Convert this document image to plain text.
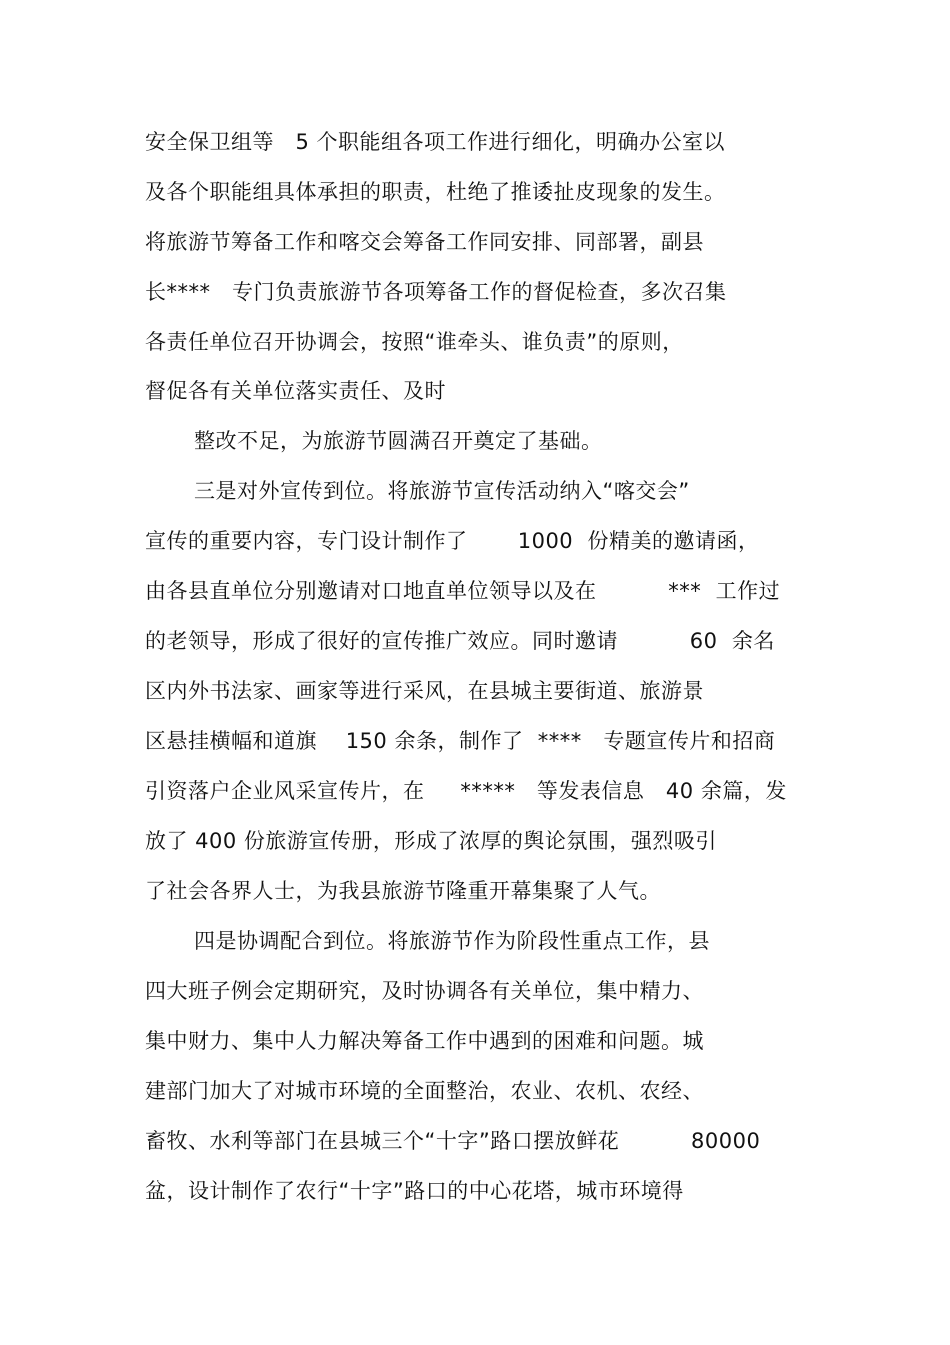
安全保卫组等   5 个职能组各项工作进行细化，明确办公室以
及各个职能组具体承担的职责，杜绝了推诿扯皮现象的发生。
将旅游节筹备工作和喀交会筹备工作同安排、同部署，副县
长****   专门负责旅游节各项筹备工作的督促检查，多次召集
各责任单位召开协调会，按照“谁牵头、谁负责”的原则，
督促各有关单位落实责任、及时
整改不足，为旅游节圆满召开奠定了基础。
三是对外宣传到位。将旅游节宣传活动纳入“喀交会”
宣传的重要内容，专门设计制作了       1000  份精美的邀请函，
由各县直单位分别邀请对口地直单位领导以及在          ***  工作过
的老领导，形成了很好的宣传推广效应。同时邀请          60  余名
区内外书法家、画家等进行采风，在县城主要街道、旅游景
区悬挂横幅和道旗    150 余条，制作了  ****   专题宣传片和招商
引资落户企业风采宣传片，在     *****   等发表信息   40 余篇，发
放了 400 份旅游宣传册，形成了浓厚的舆论氛围，强烈吸引
了社会各界人士，为我县旅游节隆重开幕集聚了人气。
四是协调配合到位。将旅游节作为阶段性重点工作，县
四大班子例会定期研究，及时协调各有关单位，集中精力、
集中财力、集中人力解决筹备工作中遇到的困难和问题。城
建部门加大了对城市环境的全面整治，农业、农机、农经、
畜牧、水利等部门在县城三个“十字”路口摆放鲜花          80000
盆，设计制作了农行“十字”路口的中心花塔，城市环境得
